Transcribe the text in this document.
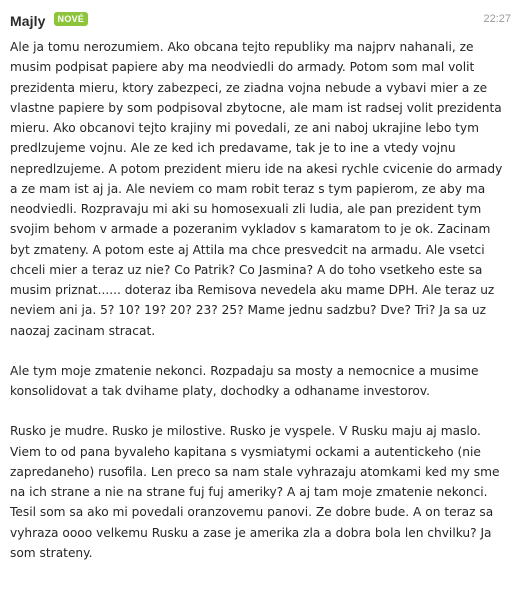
Majly	NOVÉ	22:27

Ale ja tomu nerozumiem. Ako obcana tejto republiky ma najprv nahanali, ze musim podpisat papiere aby ma neodviedli do armady. Potom som mal volit prezidenta mieru, ktory zabezpeci, ze ziadna vojna nebude a vybavi mier a ze vlastne papiere by som podpisoval zbytocne, ale mam ist radsej volit prezidenta mieru. Ako obcanovi tejto krajiny mi povedali, ze ani naboj ukrajine lebo tym predlzujeme vojnu. Ale ze ked ich predavame, tak je to ine a vtedy vojnu nepredlzujeme. A potom prezident mieru ide na akesi rychle cvicenie do armady a ze mam ist aj ja. Ale neviem co mam robit teraz s tym papierom, ze aby ma neodviedli. Rozpravaju mi aki su homosexuali zli ludia, ale pan prezident tym svojim behom v armade a pozeranim vykladov s kamaratom to je ok. Zacinam byt zmateny. A potom este aj Attila ma chce presvedcit na armadu. Ale vsetci chceli mier a teraz uz nie? Co Patrik? Co Jasmina? A do toho vsetkeho este sa musim priznat...... doteraz iba Remisova nevedela aku mame DPH. Ale teraz uz neviem ani ja. 5? 10? 19? 20? 23? 25? Mame jednu sadzbu? Dve? Tri? Ja sa uz naozaj zacinam stracat.

Ale tym moje zmatenie nekonci. Rozpadaju sa mosty a nemocnice a musime konsolidovat a tak dvihame platy, dochodky a odhaname investorov.

Rusko je mudre. Rusko je milostive. Rusko je vyspele. V Rusku maju aj maslo. Viem to od pana byvaleho kapitana s vysmiatymi ockami a autentickeho (nie zapredaneho) rusofila. Len preco sa nam stale vyhrazaju atomkami ked my sme na ich strane a nie na strane fuj fuj ameriky? A aj tam moje zmatenie nekonci. Tesil som sa ako mi povedali oranzovemu panovi. Ze dobre bude. A on teraz sa vyhraza oooo velkemu Rusku a zase je amerika zla a dobra bola len chvilku? Ja som strateny.
